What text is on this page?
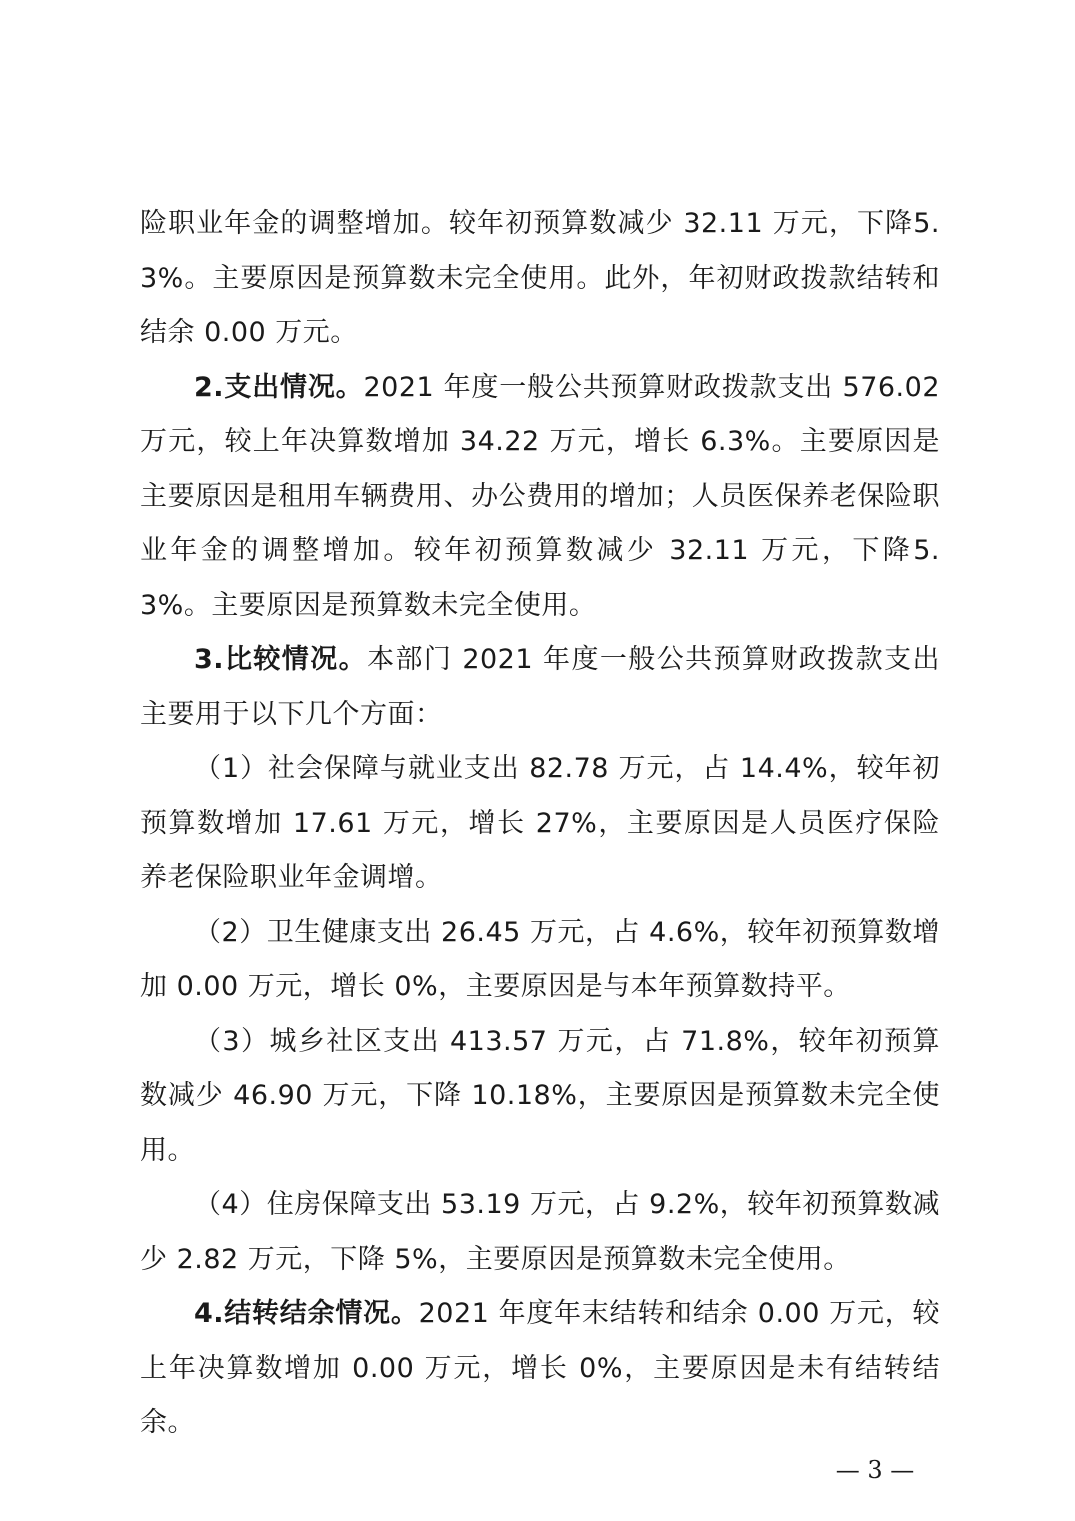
险职业年金的调整增加。较年初预算数减少 32.11 万元，下降5.3%。主要原因是预算数未完全使用。此外，年初财政拨款结转和结余 0.00 万元。

2.支出情况。2021 年度一般公共预算财政拨款支出 576.02 万元，较上年决算数增加 34.22 万元，增长 6.3%。主要原因是主要原因是租用车辆费用、办公费用的增加；人员医保养老保险职业年金的调整增加。较年初预算数减少 32.11 万元，下降5.3%。主要原因是预算数未完全使用。

3.比较情况。本部门 2021 年度一般公共预算财政拨款支出主要用于以下几个方面：

（1）社会保障与就业支出 82.78 万元，占 14.4%，较年初预算数增加 17.61 万元，增长 27%，主要原因是人员医疗保险养老保险职业年金调增。

（2）卫生健康支出 26.45 万元，占 4.6%，较年初预算数增加 0.00 万元，增长 0%，主要原因是与本年预算数持平。

（3）城乡社区支出 413.57 万元，占 71.8%，较年初预算数减少 46.90 万元，下降 10.18%，主要原因是预算数未完全使用。

（4）住房保障支出 53.19 万元，占 9.2%，较年初预算数减少 2.82 万元，下降 5%，主要原因是预算数未完全使用。

4.结转结余情况。2021 年度年末结转和结余 0.00 万元，较上年决算数增加 0.00 万元，增长 0%，主要原因是未有结转结余。

— 3 —
